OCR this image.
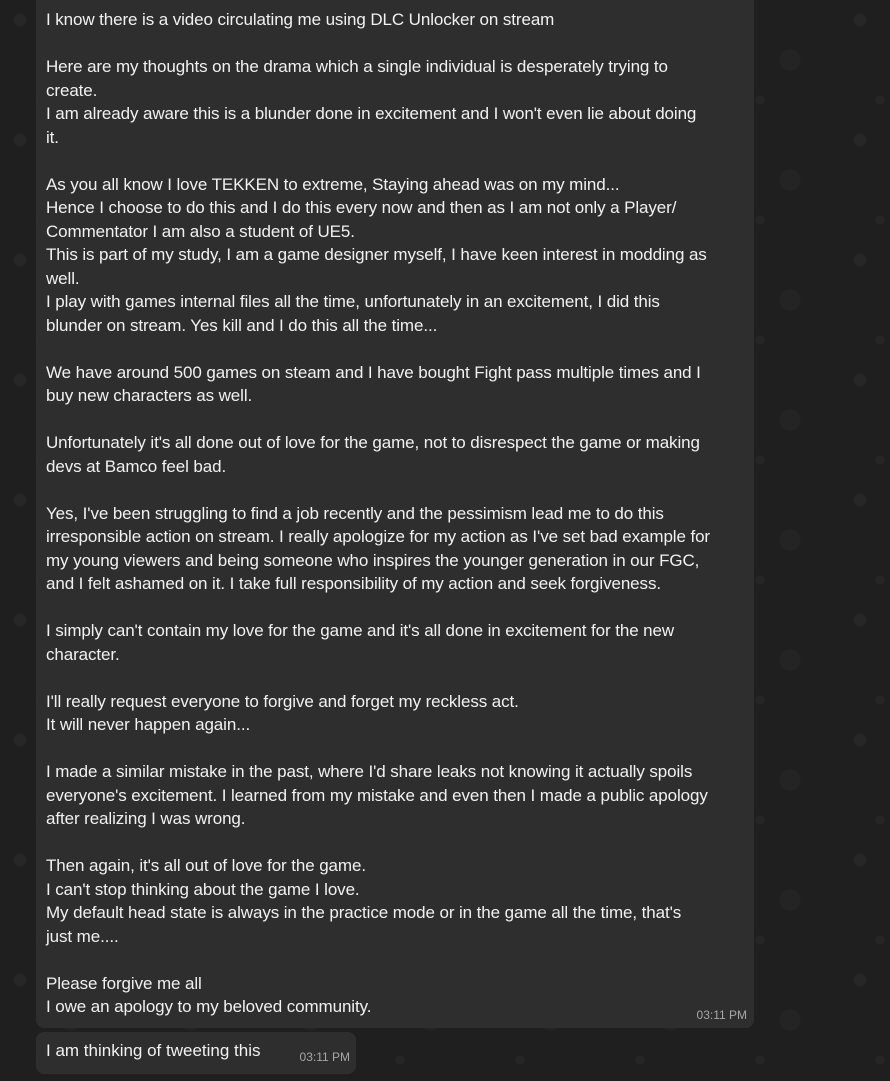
I know there is a video circulating me using DLC Unlocker on stream

Here are my thoughts on the drama which a single individual is desperately trying to
create.
I am already aware this is a blunder done in excitement and I won't even lie about doing
it.

As you all know I love TEKKEN to extreme, Staying ahead was on my mind...
Hence I choose to do this and I do this every now and then as I am not only a Player/
Commentator I am also a student of UE5.
This is part of my study, I am a game designer myself, I have keen interest in modding as
well.
I play with games internal files all the time, unfortunately in an excitement, I did this
blunder on stream. Yes kill and I do this all the time...

We have around 500 games on steam and I have bought Fight pass multiple times and I
buy new characters as well.

Unfortunately it's all done out of love for the game, not to disrespect the game or making
devs at Bamco feel bad.

Yes, I've been struggling to find a job recently and the pessimism lead me to do this
irresponsible action on stream. I really apologize for my action as I've set bad example for
my young viewers and being someone who inspires the younger generation in our FGC,
and I felt ashamed on it. I take full responsibility of my action and seek forgiveness.

I simply can't contain my love for the game and it's all done in excitement for the new
character.

I'll really request everyone to forgive and forget my reckless act.
It will never happen again...

I made a similar mistake in the past, where I'd share leaks not knowing it actually spoils
everyone's excitement. I learned from my mistake and even then I made a public apology
after realizing I was wrong.

Then again, it's all out of love for the game.
I can't stop thinking about the game I love.
My default head state is always in the practice mode or in the game all the time, that's
just me....

Please forgive me all
I owe an apology to my beloved community.	03:11 PM
I am thinking of tweeting this	03:11 PM
